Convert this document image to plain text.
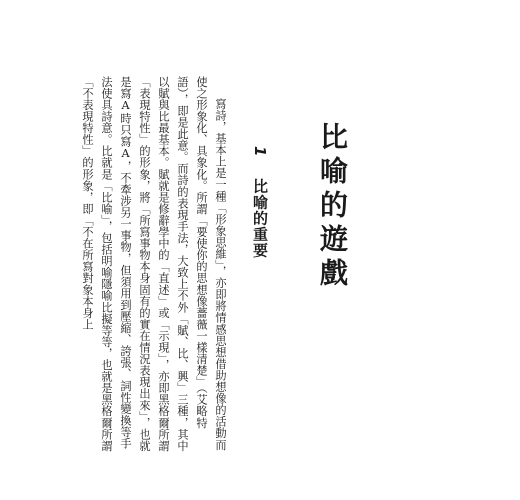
比喻的遊戲
1 比喻的重要

寫詩，基本上是一種「形象思維」，亦即將情感思想借助想像的活動而使之形象化、具象化。所謂「要使你的思想像薔薇一樣清楚」（艾略特語），即是此意。而詩的表現手法，大致上不外「賦、比、興」三種，其中以賦與比最基本。賦就是修辭學中的「直述」或「示現」，亦即黑格爾所謂「表現特性」的形象，將「所寫事物本身固有的實在情況表現出來」，也就是寫A時只寫A，不牽涉另一事物，但須用到壓縮、誇張、詞性變換等手法使具詩意。比就是「比喻」，包括明喻隱喻比擬等等，也就是黑格爾所謂「不表現特性」的形象，即「不在所寫對象本身上
